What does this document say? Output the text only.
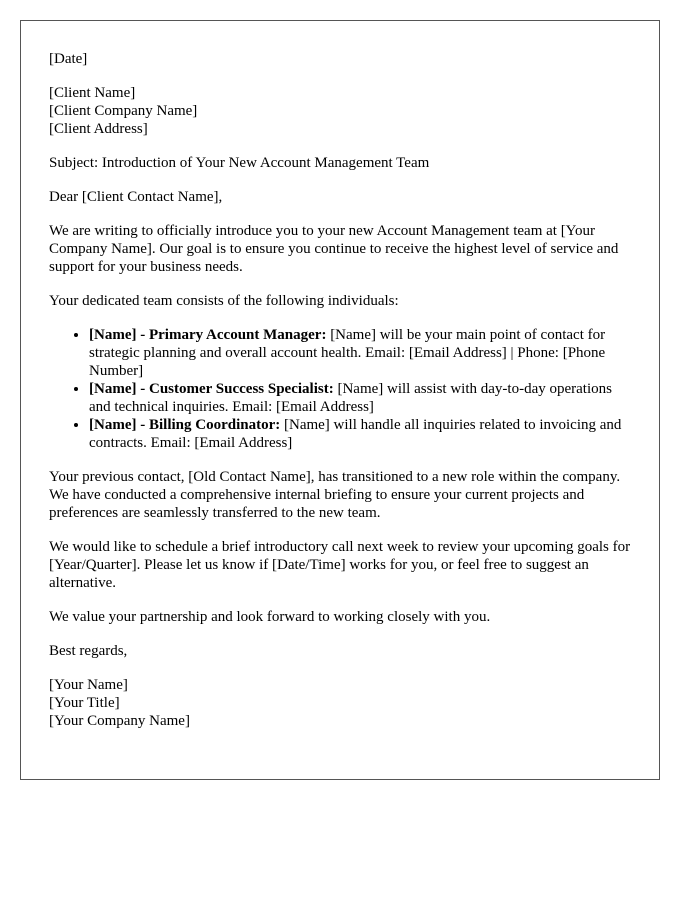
[Date]
[Client Name]
[Client Company Name]
[Client Address]

Subject: Introduction of Your New Account Management Team

Dear [Client Contact Name],

We are writing to officially introduce you to your new Account Management team at [Your Company Name]. Our goal is to ensure you continue to receive the highest level of service and support for your business needs.

Your dedicated team consists of the following individuals:

• [Name] - Primary Account Manager: [Name] will be your main point of contact for strategic planning and overall account health. Email: [Email Address] | Phone: [Phone Number]
• [Name] - Customer Success Specialist: [Name] will assist with day-to-day operations and technical inquiries. Email: [Email Address]
• [Name] - Billing Coordinator: [Name] will handle all inquiries related to invoicing and contracts. Email: [Email Address]

Your previous contact, [Old Contact Name], has transitioned to a new role within the company. We have conducted a comprehensive internal briefing to ensure your current projects and preferences are seamlessly transferred to the new team.

We would like to schedule a brief introductory call next week to review your upcoming goals for [Year/Quarter]. Please let us know if [Date/Time] works for you, or feel free to suggest an alternative.

We value your partnership and look forward to working closely with you.

Best regards,

[Your Name]
[Your Title]
[Your Company Name]
